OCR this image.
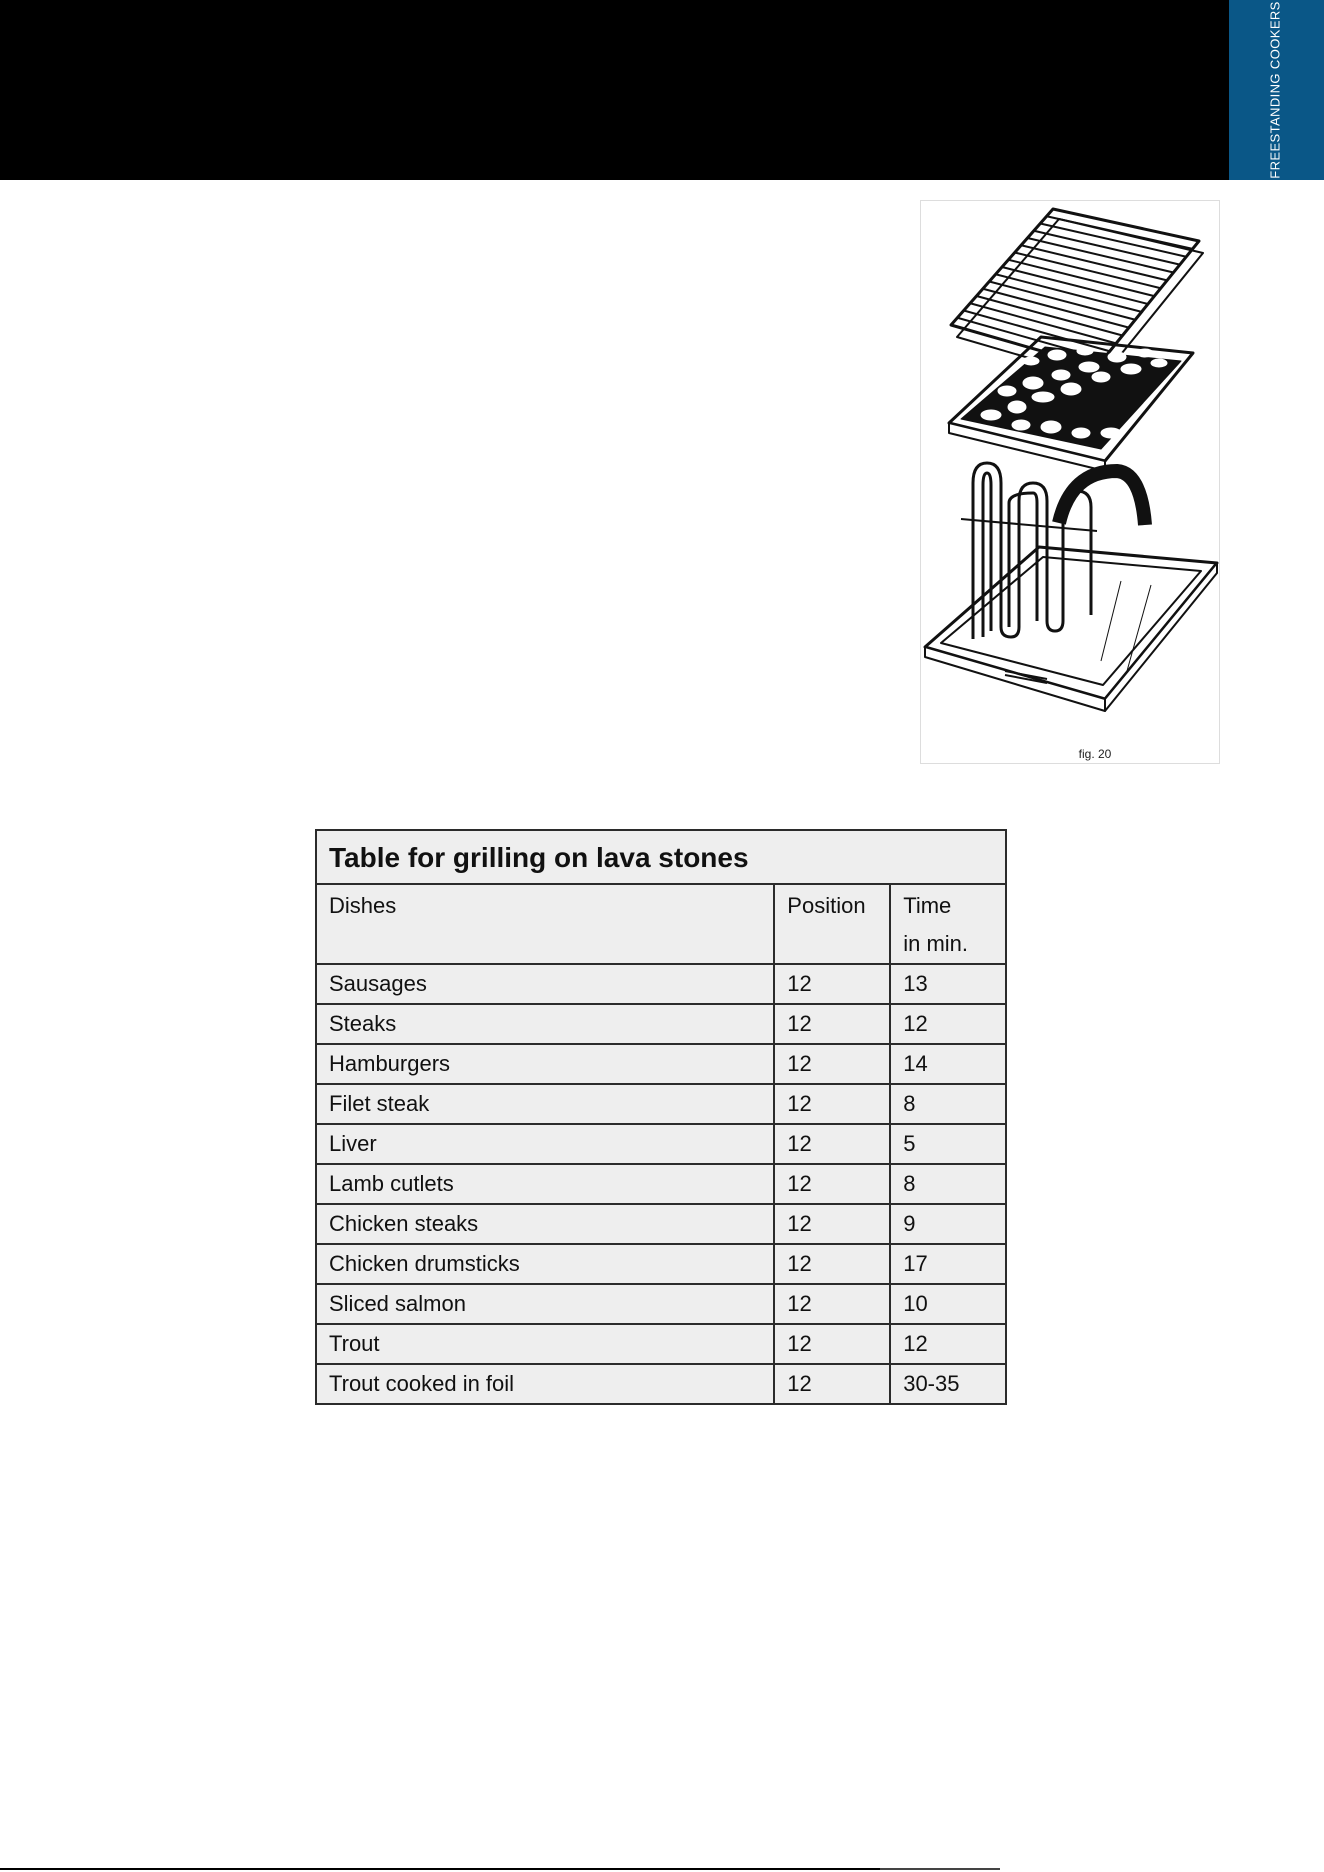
FREESTANDING COOKERS
fig. 20
Table for grilling on lava stones		
Dishes	Position	Time
in min.
Sausages	12	13
Steaks	12	12
Hamburgers	12	14
Filet steak	12	8
Liver	12	5
Lamb cutlets	12	8
Chicken steaks	12	9
Chicken drumsticks	12	17
Sliced salmon	12	10
Trout	12	12
Trout cooked in foil	12	30-35
